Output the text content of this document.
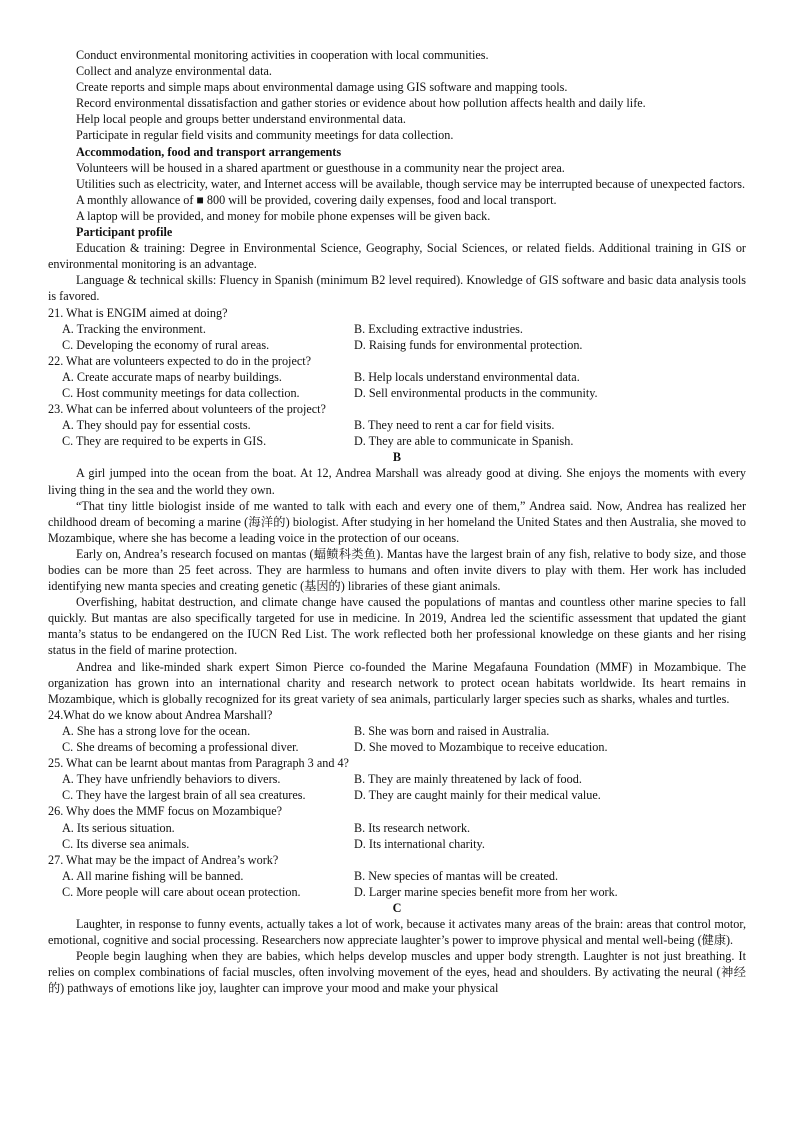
Conduct environmental monitoring activities in cooperation with local communities.

Collect and analyze environmental data.

Create reports and simple maps about environmental damage using GIS software and mapping tools.

Record environmental dissatisfaction and gather stories or evidence about how pollution affects health and daily life.

Help local people and groups better understand environmental data.

Participate in regular field visits and community meetings for data collection.

Accommodation, food and transport arrangements

Volunteers will be housed in a shared apartment or guesthouse in a community near the project area.

Utilities such as electricity, water, and Internet access will be available, though service may be interrupted because of unexpected factors.

A monthly allowance of ■ 800 will be provided, covering daily expenses, food and local transport.

A laptop will be provided, and money for mobile phone expenses will be given back.

Participant profile

Education & training: Degree in Environmental Science, Geography, Social Sciences, or related fields. Additional training in GIS or environmental monitoring is an advantage.

Language & technical skills: Fluency in Spanish (minimum B2 level required). Knowledge of GIS software and basic data analysis tools is favored.

21. What is ENGIM aimed at doing?

A. Tracking the environment.	B. Excluding extractive industries.
C. Developing the economy of rural areas.	D. Raising funds for environmental protection.

22. What are volunteers expected to do in the project?

A. Create accurate maps of nearby buildings.	B. Help locals understand environmental data.
C. Host community meetings for data collection.	D. Sell environmental products in the community.

23. What can be inferred about volunteers of the project?

A. They should pay for essential costs.	B. They need to rent a car for field visits.
C. They are required to be experts in GIS.	D. They are able to communicate in Spanish.

B

A girl jumped into the ocean from the boat. At 12, Andrea Marshall was already good at diving. She enjoys the moments with every living thing in the sea and the world they own.

“That tiny little biologist inside of me wanted to talk with each and every one of them,” Andrea said. Now, Andrea has realized her childhood dream of becoming a marine (海洋的) biologist. After studying in her homeland the United States and then Australia, she moved to Mozambique, where she has become a leading voice in the protection of our oceans.

Early on, Andrea’s research focused on mantas (蝠鲼科类鱼). Mantas have the largest brain of any fish, relative to body size, and those bodies can be more than 25 feet across. They are harmless to humans and often invite divers to play with them. Her work has included identifying new manta species and creating genetic (基因的) libraries of these giant animals.

Overfishing, habitat destruction, and climate change have caused the populations of mantas and countless other marine species to fall quickly. But mantas are also specifically targeted for use in medicine. In 2019, Andrea led the scientific assessment that updated the giant manta’s status to be endangered on the IUCN Red List. The work reflected both her professional knowledge on these giants and her rising status in the field of marine protection.

Andrea and like-minded shark expert Simon Pierce co-founded the Marine Megafauna Foundation (MMF) in Mozambique. The organization has grown into an international charity and research network to protect ocean habitats worldwide. Its heart remains in Mozambique, which is globally recognized for its great variety of sea animals, particularly larger species such as sharks, whales and turtles.

24.What do we know about Andrea Marshall?

A. She has a strong love for the ocean.	B. She was born and raised in Australia.
C. She dreams of becoming a professional diver.	D. She moved to Mozambique to receive education.

25. What can be learnt about mantas from Paragraph 3 and 4?

A. They have unfriendly behaviors to divers.	B. They are mainly threatened by lack of food.
C. They have the largest brain of all sea creatures.	D. They are caught mainly for their medical value.

26. Why does the MMF focus on Mozambique?

A. Its serious situation.	B. Its research network.
C. Its diverse sea animals.	D. Its international charity.

27. What may be the impact of Andrea’s work?

A. All marine fishing will be banned.	B. New species of mantas will be created.
C. More people will care about ocean protection.	D. Larger marine species benefit more from her work.

C

Laughter, in response to funny events, actually takes a lot of work, because it activates many areas of the brain: areas that control motor, emotional, cognitive and social processing. Researchers now appreciate laughter’s power to improve physical and mental well-being (健康).

People begin laughing when they are babies, which helps develop muscles and upper body strength. Laughter is not just breathing. It relies on complex combinations of facial muscles, often involving movement of the eyes, head and shoulders. By activating the neural (神经的) pathways of emotions like joy, laughter can improve your mood and make your physical
